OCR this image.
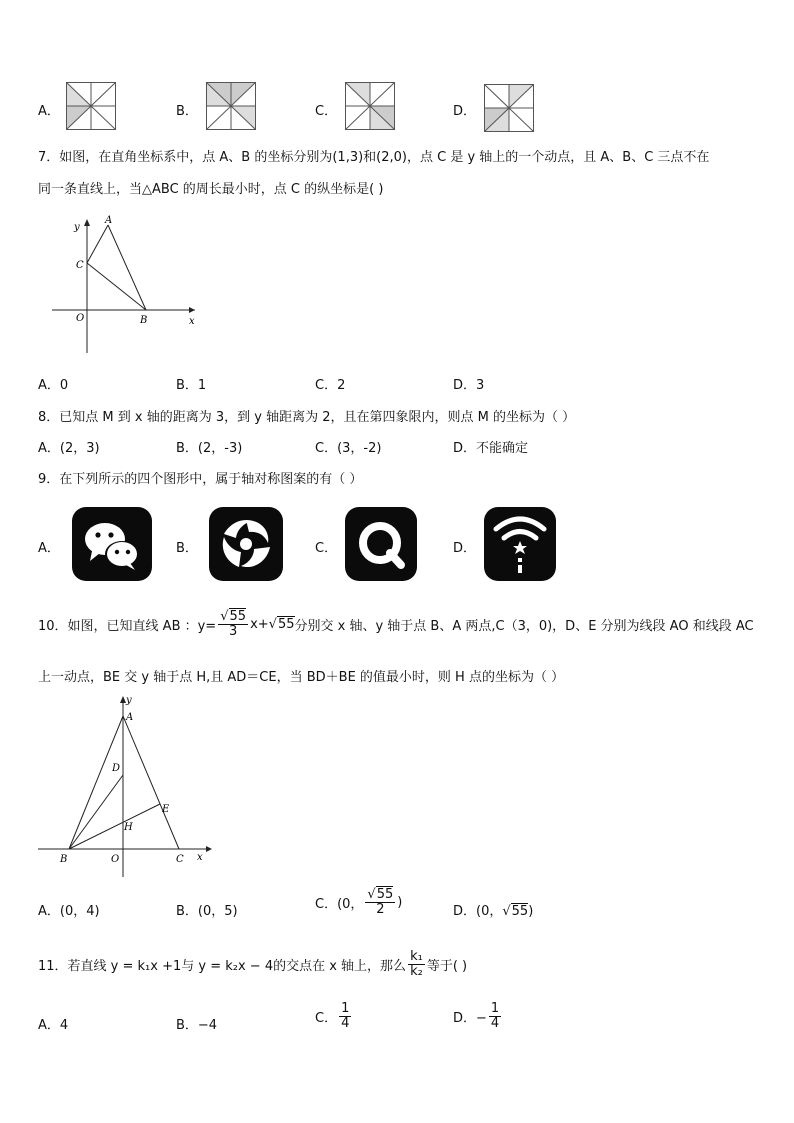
A．	B．	C．	D．
7．如图，在直角坐标系中，点 A、B 的坐标分别为(1,3)和(2,0)，点 C 是 y 轴上的一个动点，且 A、B、C 三点不在
同一条直线上，当△ABC 的周长最小时，点 C 的纵坐标是( )
y
x
A
C
O	B
A．0	B．1	C．2	D．3
8．已知点 M 到 x 轴的距离为 3，到 y 轴距离为 2，且在第四象限内，则点 M 的坐标为（ ）
A．(2，3)	B．(2，-3)	C．(3，-2)	D．不能确定
9．在下列所示的四个图形中，属于轴对称图案的有（ ）
A．	B．	C．	D．
10．如图，已知直线 AB ：$y= \frac{√55}{3} x+ √55$ 分别交 x 轴、y 轴于点 B、A 两点,C（3，0)，D、E 分别为线段 AO 和线段 AC
上一动点，BE 交 y 轴于点 H,且 AD＝CE，当 BD＋BE 的值最小时，则 H 点的坐标为（ ）
y
A
D
E
H
B	O	C x
A．(0，4)	B．(0，5)	C．(0， $\frac{√55}{2}$ )
D．(0，√55)
11．若直线 y = k₁x +1与 y = k₂x − 4的交点在 x 轴上，那么 $\frac{\text{k₁}}{\text{k₂}}$ 等于( )
A．4	B．−4	C． $\frac{1}{4}$	D．− $\frac{1}{4}$
